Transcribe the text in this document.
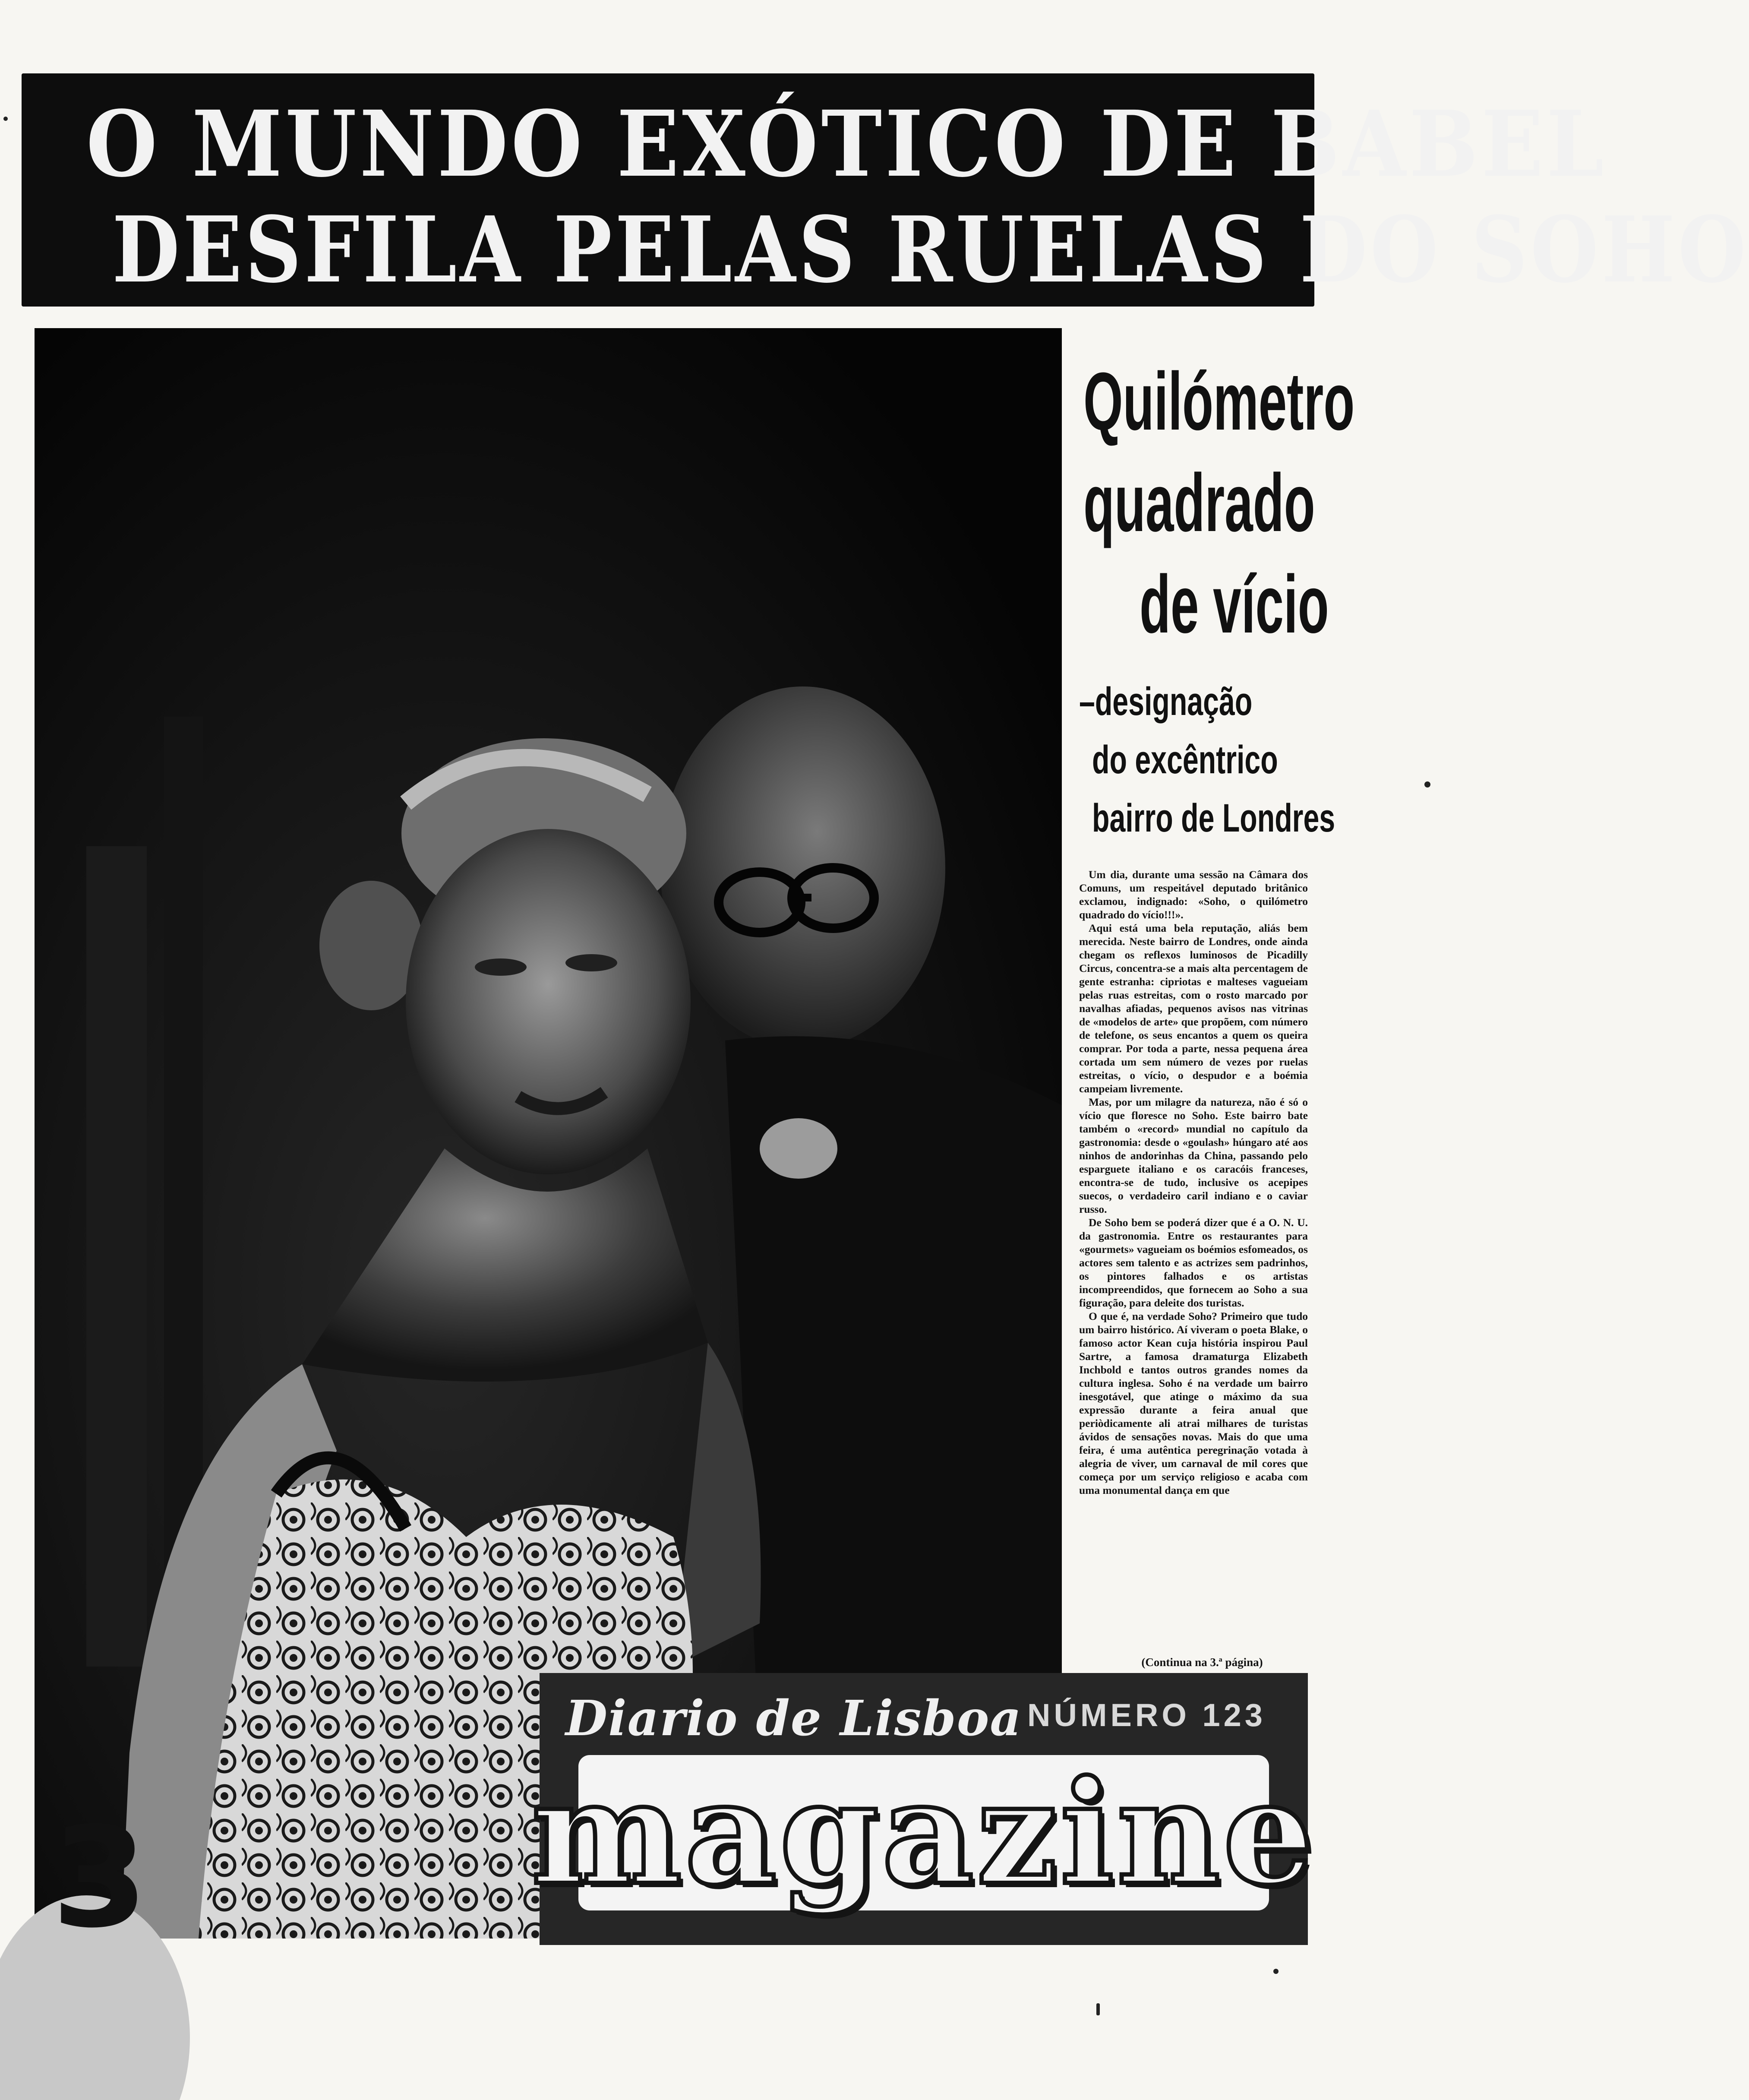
O MUNDO EXÓTICO DE BABEL
DESFILA PELAS RUELAS DO SOHO
3
Quilómetro
quadrado
de vício
–designação
do excêntrico
bairro de Londres

Um dia, durante uma sessão na Câmara dos Comuns, um respeitável deputado britânico exclamou, indignado: «Soho, o quilómetro quadrado do vício!!!».

Aqui está uma bela reputação, aliás bem merecida. Neste bairro de Londres, onde ainda chegam os reflexos luminosos de Picadilly Circus, concentra-se a mais alta percentagem de gente estranha: cipriotas e malteses vagueiam pelas ruas estreitas, com o rosto marcado por navalhas afiadas, pequenos avisos nas vitrinas de «modelos de arte» que propõem, com número de telefone, os seus encantos a quem os queira comprar. Por toda a parte, nessa pequena área cortada um sem número de vezes por ruelas estreitas, o vício, o despudor e a boémia campeiam livremente.

Mas, por um milagre da natureza, não é só o vício que floresce no Soho. Este bairro bate também o «record» mundial no capítulo da gastronomia: desde o «goulash» húngaro até aos ninhos de andorinhas da China, passando pelo esparguete italiano e os caracóis franceses, encontra-se de tudo, inclusive os acepipes suecos, o verdadeiro caril indiano e o caviar russo.

De Soho bem se poderá dizer que é a O. N. U. da gastronomia. Entre os restaurantes para «gourmets» vagueiam os boémios esfomeados, os actores sem talento e as actrizes sem padrinhos, os pintores falhados e os artistas incompreendidos, que fornecem ao Soho a sua figuração, para deleite dos turistas.

O que é, na verdade Soho? Primeiro que tudo um bairro histórico. Aí viveram o poeta Blake, o famoso actor Kean cuja história inspirou Paul Sartre, a famosa dramaturga Elizabeth Inchbold e tantos outros grandes nomes da cultura inglesa. Soho é na verdade um bairro inesgotável, que atinge o máximo da sua expressão durante a feira anual que periòdicamente ali atrai milhares de turistas ávidos de sensações novas. Mais do que uma feira, é uma autêntica peregrinação votada à alegria de viver, um carnaval de mil cores que começa por um serviço religioso e acaba com uma monumental dança em que

(Continua na 3.ª página)
Diario de Lisboa NÚMERO 123
magazine
